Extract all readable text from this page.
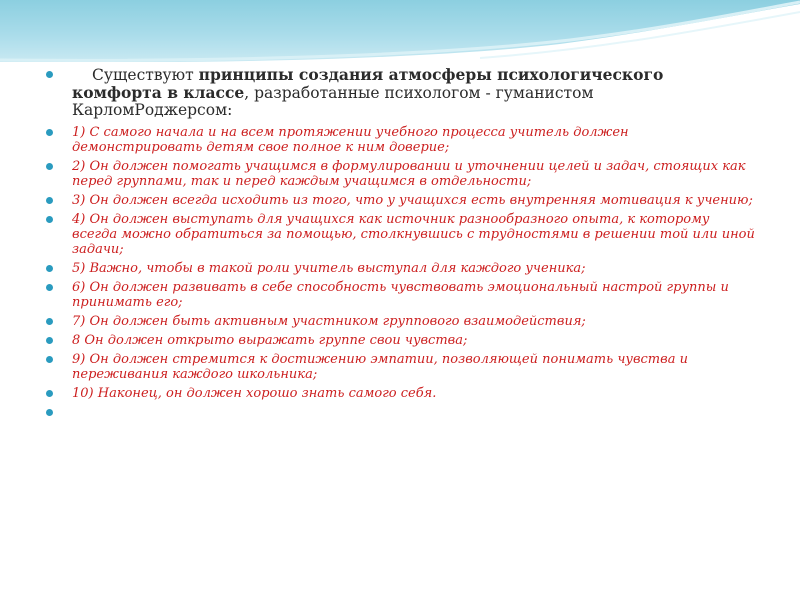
Существуют принципы создания атмосферы психологического комфорта в классе, разработанные психологом - гуманистом КарломРоджерсом:
1) С самого начала и на всем протяжении учебного процесса учитель должен демонстрировать детям свое полное к ним доверие;
2) Он должен помогать учащимся в формулировании и уточнении целей и задач, стоящих как перед группами, так и перед каждым учащимся в отдельности;
3) Он должен всегда исходить из того, что у учащихся есть внутренняя мотивация к учению;
4) Он должен выступать для учащихся как источник разнообразного опыта, к которому всегда можно обратиться за помощью, столкнувшись с трудностями в решении той или иной задачи;
5) Важно, чтобы в такой роли учитель выступал для каждого ученика;
6) Он должен развивать в себе способность чувствовать эмоциональный настрой группы и принимать его;
7) Он должен быть активным участником группового взаимодействия;
8 Он должен открыто выражать группе свои чувства;
9) Он должен стремится к достижению эмпатии, позволяющей понимать чувства и переживания каждого школьника;
10) Наконец, он должен хорошо знать самого себя.
